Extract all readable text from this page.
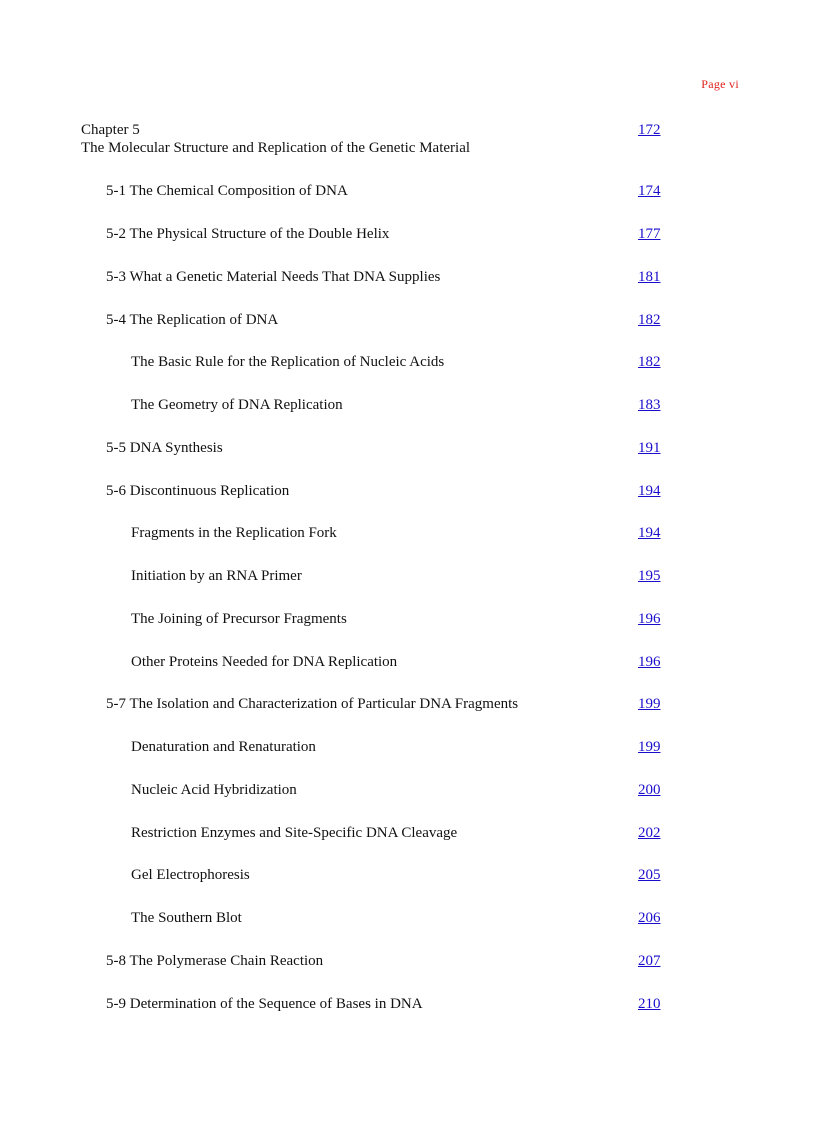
Page vi
Chapter 5
The Molecular Structure and Replication of the Genetic Material
172
5-1 The Chemical Composition of DNA	174
5-2 The Physical Structure of the Double Helix	177
5-3 What a Genetic Material Needs That DNA Supplies	181
5-4 The Replication of DNA	182
The Basic Rule for the Replication of Nucleic Acids	182
The Geometry of DNA Replication	183
5-5 DNA Synthesis	191
5-6 Discontinuous Replication	194
Fragments in the Replication Fork	194
Initiation by an RNA Primer	195
The Joining of Precursor Fragments	196
Other Proteins Needed for DNA Replication	196
5-7 The Isolation and Characterization of Particular DNA Fragments	199
Denaturation and Renaturation	199
Nucleic Acid Hybridization	200
Restriction Enzymes and Site-Specific DNA Cleavage	202
Gel Electrophoresis	205
The Southern Blot	206
5-8 The Polymerase Chain Reaction	207
5-9 Determination of the Sequence of Bases in DNA	210
